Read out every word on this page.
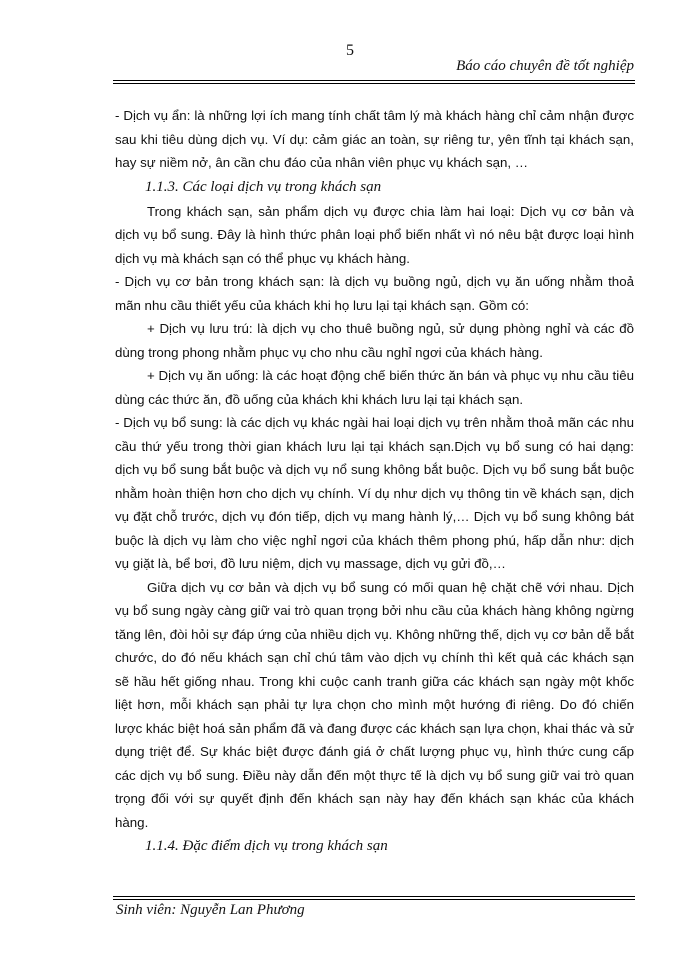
5
Báo cáo chuyên đề tốt nghiệp

- Dịch vụ ẩn: là những lợi ích mang tính chất tâm lý mà khách hàng chỉ cảm nhận được sau khi tiêu dùng dịch vụ. Ví dụ: cảm giác an toàn, sự riêng tư, yên tĩnh tại khách sạn, hay sự niềm nở, ân cần chu đáo của nhân viên phục vụ khách sạn, …

1.1.3. Các loại dịch vụ trong khách sạn

Trong khách sạn, sản phẩm dịch vụ được chia làm hai loại: Dịch vụ cơ bản và dịch vụ bổ sung. Đây là hình thức phân loại phổ biến nhất vì nó nêu bật được loại hình dịch vụ mà khách sạn có thể phục vụ khách hàng.

- Dịch vụ cơ bản trong khách sạn: là dịch vụ buồng ngủ, dịch vụ ăn uống nhằm thoả mãn nhu cầu thiết yếu của khách khi họ lưu lại tại khách sạn. Gồm có:

+ Dịch vụ lưu trú: là dịch vụ cho thuê buồng ngủ, sử dụng phòng nghỉ và các đồ dùng trong phong nhằm phục vụ cho nhu cầu nghỉ ngơi của khách hàng.

+ Dịch vụ ăn uống: là các hoạt động chế biến thức ăn bán và phục vụ nhu cầu tiêu dùng các thức ăn, đồ uống của khách khi khách lưu lại tại khách sạn.

- Dịch vụ bổ sung: là các dịch vụ khác ngài hai loại dịch vụ trên nhằm thoả mãn các nhu cầu thứ yếu trong thời gian khách lưu lại tại khách sạn.Dịch vụ bổ sung có hai dạng: dịch vụ bổ sung bắt buộc và dịch vụ nổ sung không bắt buộc. Dịch vụ bổ sung bắt buộc nhằm hoàn thiện hơn cho dịch vụ chính. Ví dụ như dịch vụ thông tin về khách sạn, dịch vụ đặt chỗ trước, dịch vụ đón tiếp, dịch vụ mang hành lý,… Dịch vụ bổ sung không bát buộc là dịch vụ làm cho việc nghỉ ngơi của khách thêm phong phú, hấp dẫn như: dịch vụ giặt là, bể bơi, đồ lưu niệm, dịch vụ massage, dịch vụ gửi đồ,…

Giữa dịch vụ cơ bản và dịch vụ bổ sung có mối quan hệ chặt chẽ với nhau. Dịch vụ bổ sung ngày càng giữ vai trò quan trọng bởi nhu cầu của khách hàng không ngừng tăng lên, đòi hỏi sự đáp ứng của nhiều dịch vụ. Không những thế, dịch vụ cơ bản dễ bắt chước, do đó nếu khách sạn chỉ chú tâm vào dịch vụ chính thì kết quả các khách sạn sẽ hầu hết giống nhau. Trong khi cuộc canh tranh giữa các khách sạn ngày một khốc liệt hơn, mỗi khách sạn phải tự lựa chọn cho mình một hướng đi riêng. Do đó chiến lược khác biệt hoá sản phẩm đã và đang được các khách sạn lựa chọn, khai thác và sử dụng triệt để. Sự khác biệt được đánh giá ở chất lượng phục vụ, hình thức cung cấp các dịch vụ bổ sung. Điều này dẫn đến một thực tế là dịch vụ bổ sung giữ vai trò quan trọng đối với sự quyết định đến khách sạn này hay đến khách sạn khác của khách hàng.

1.1.4. Đặc điểm dịch vụ trong khách sạn

Sinh viên: Nguyễn Lan Phương
